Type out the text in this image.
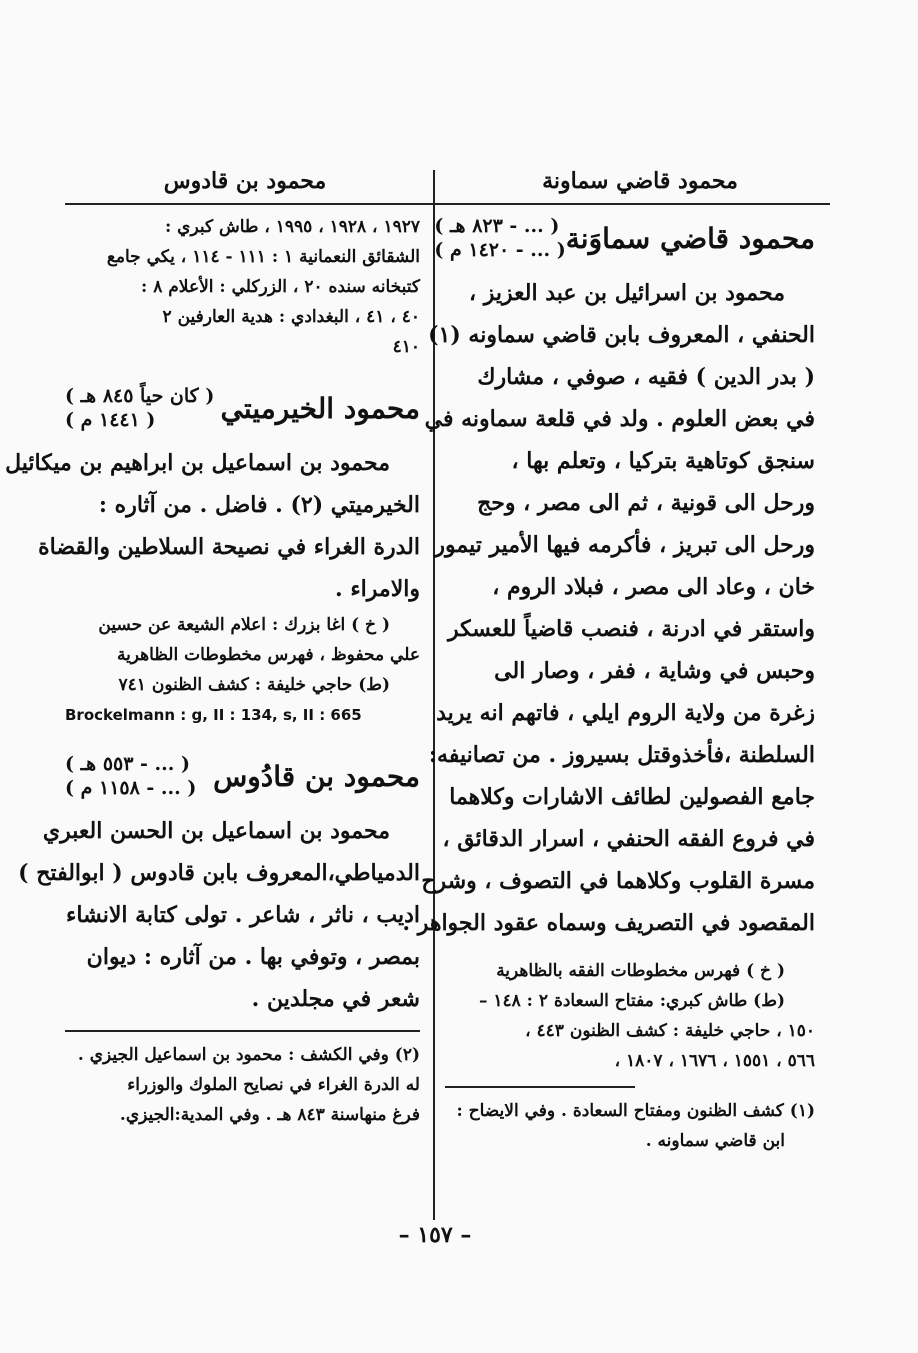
محمود قاضي سماونة
محمود بن قادوس
محمود قاضي سماوَنة
( ... - ٨٢٣ هـ )
( ... - ١٤٢٠ م )
محمود بن اسرائيل بن عبد العزيز ،
الحنفي ، المعروف بابن قاضي سماونه (١)
( بدر الدين ) فقيه ، صوفي ، مشارك
في بعض العلوم . ولد في قلعة سماونه في
سنجق كوتاهية بتركيا ، وتعلم بها ،
ورحل الى قونية ، ثم الى مصر ، وحج
ورحل الى تبريز ، فأكرمه فيها الأمير تيمور
خان ، وعاد الى مصر ، فبلاد الروم ،
واستقر في ادرنة ، فنصب قاضياً للعسكر
وحبس في وشاية ، ففر ، وصار الى
زغرة من ولاية الروم ايلي ، فاتهم انه يريد
السلطنة ،فأخذوقتل بسيروز . من تصانيفه:
جامع الفصولين لطائف الاشارات وكلاهما
في فروع الفقه الحنفي ، اسرار الدقائق ،
مسرة القلوب وكلاهما في التصوف ، وشرح
المقصود في التصريف وسماه عقود الجواهر .
( خ ) فهرس مخطوطات الفقه بالظاهرية
(ط) طاش كبري: مفتاح السعادة ٢ : ١٤٨ –
١٥٠ ، حاجي خليفة : كشف الظنون ٤٤٣ ،
٥٦٦ ، ١٥٥١ ، ١٦٧٦ ، ١٨٠٧ ،
(١) كشف الظنون ومفتاح السعادة . وفي الايضاح :
ابن قاضي سماونه .
١٩٢٧ ، ١٩٢٨ ، ١٩٩٥ ، طاش كبري :
الشقائق النعمانية ١ : ١١١ - ١١٤ ، يكي جامع
كتبخانه سنده ٢٠ ، الزركلي : الأعلام ٨ :
٤٠ ، ٤١ ، البغدادي : هدية العارفين ٢
٤١٠
محمود الخيرميتي
( كان حياً ٨٤٥ هـ )
( ١٤٤١ م )
محمود بن اسماعيل بن ابراهيم بن ميكائيل
الخيرميتي (٢) . فاضل . من آثاره :
الدرة الغراء في نصيحة السلاطين والقضاة
والامراء .
( خ ) اغا بزرك : اعلام الشيعة عن حسين
علي محفوظ ، فهرس مخطوطات الظاهرية
(ط) حاجي خليفة : كشف الظنون ٧٤١
Brockelmann : g, II : 134, s, II : 665
محمود بن قادُوس
( ... - ٥٥٣ هـ )
( ... - ١١٥٨ م )
محمود بن اسماعيل بن الحسن العبري
الدمياطي،المعروف بابن قادوس ( ابوالفتح )
اديب ، ناثر ، شاعر . تولى كتابة الانشاء
بمصر ، وتوفي بها . من آثاره : ديوان
شعر في مجلدين .
(٢) وفي الكشف : محمود بن اسماعيل الجيزي .
له الدرة الغراء في نصايح الملوك والوزراء
فرغ منهاسنة ٨٤٣ هـ . وفي المدية:الجيزي.
– ١٥٧ –
